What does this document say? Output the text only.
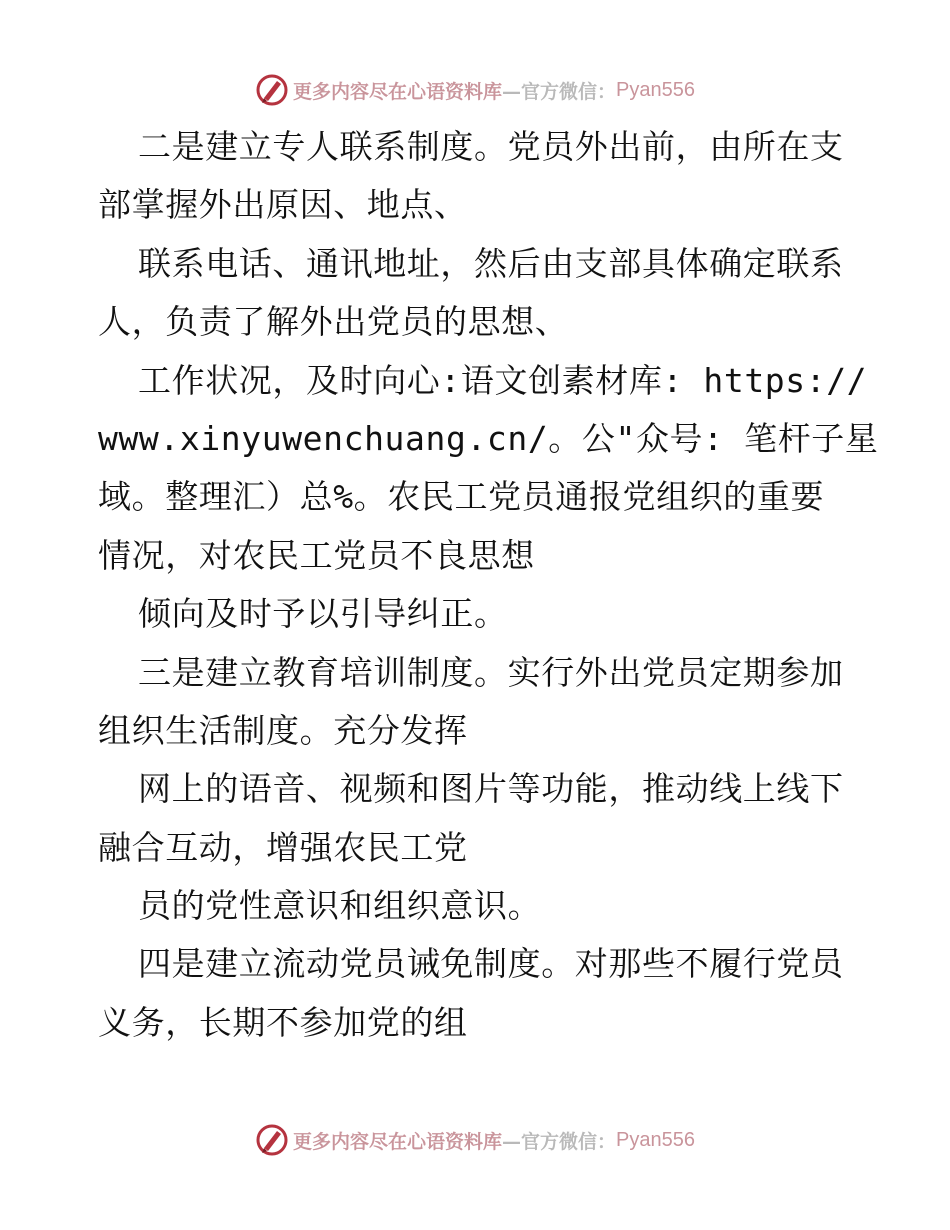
更多内容尽在心语资料库 —官方微信： Pyan556
二是建立专人联系制度。党员外出前，由所在支
部掌握外出原因、地点、
联系电话、通讯地址，然后由支部具体确定联系
人，负责了解外出党员的思想、
工作状况，及时向心:语文创素材库: https://
www.xinyuwenchuang.cn/。公"众号: 笔杆子星
域。整理汇）总%。农民工党员通报党组织的重要
情况，对农民工党员不良思想
倾向及时予以引导纠正。
三是建立教育培训制度。实行外出党员定期参加
组织生活制度。充分发挥
网上的语音、视频和图片等功能，推动线上线下
融合互动，增强农民工党
员的党性意识和组织意识。
四是建立流动党员诫免制度。对那些不履行党员
义务，长期不参加党的组
更多内容尽在心语资料库 —官方微信： Pyan556
